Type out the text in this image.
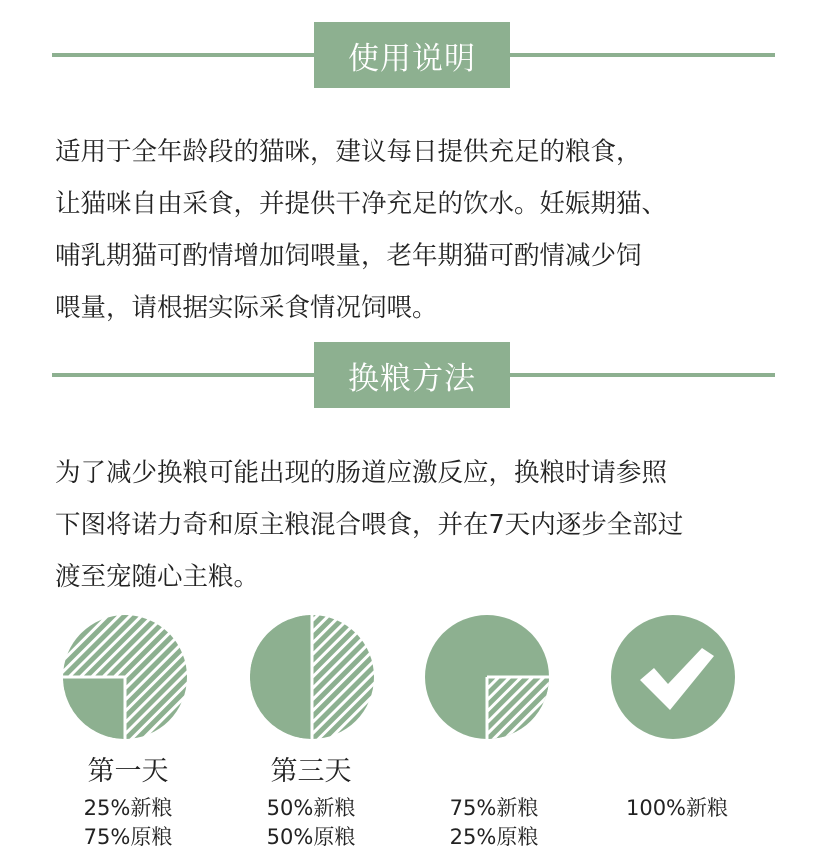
使用说明
适用于全年龄段的猫咪，建议每日提供充足的粮食，
让猫咪自由采食，并提供干净充足的饮水。妊娠期猫、
哺乳期猫可酌情增加饲喂量，老年期猫可酌情减少饲
喂量，请根据实际采食情况饲喂。
换粮方法
为了减少换粮可能出现的肠道应激反应，换粮时请参照
下图将诺力奇和原主粮混合喂食，并在7天内逐步全部过
渡至宠随心主粮。
第一天
25%新粮
75%原粮
第三天
50%新粮
50%原粮
75%新粮
25%原粮
100%新粮
